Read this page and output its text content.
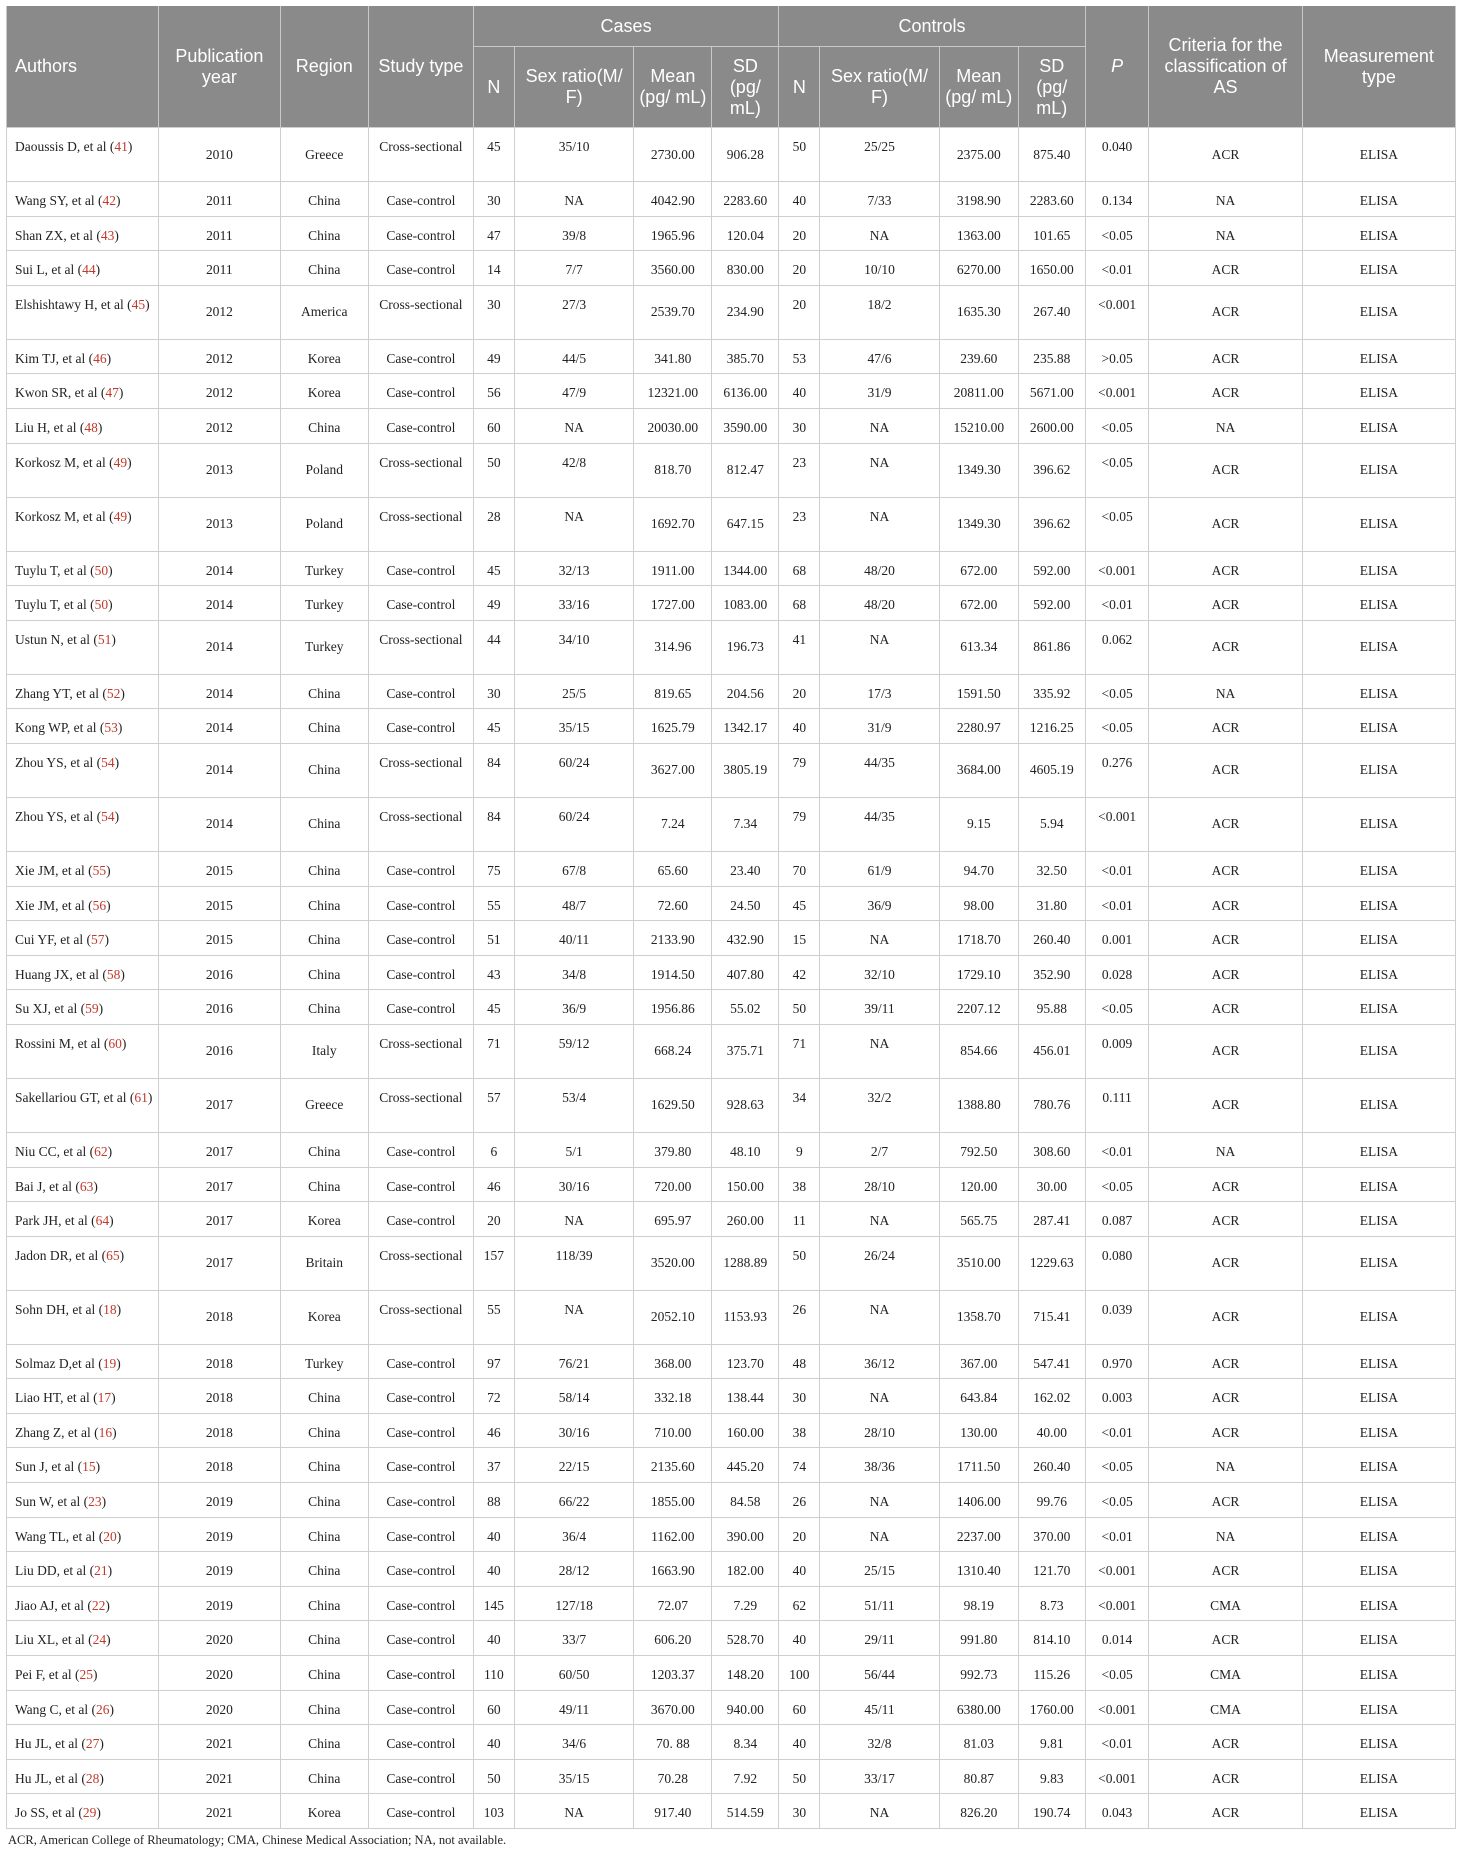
Authors	Publication year	Region	Study type	Cases				Controls				P	Criteria for the classification of AS	Measurement type
				N	Sex ratio(M/ F)	Mean (pg/ mL)	SD (pg/ mL)	N	Sex ratio(M/ F)	Mean (pg/ mL)	SD (pg/ mL)			
Daoussis D, et al (41)	2010	Greece	Cross-sectional	45	35/10	2730.00	906.28	50	25/25	2375.00	875.40	0.040	ACR	ELISA
Wang SY, et al (42)	2011	China	Case-control	30	NA	4042.90	2283.60	40	7/33	3198.90	2283.60	0.134	NA	ELISA
Shan ZX, et al (43)	2011	China	Case-control	47	39/8	1965.96	120.04	20	NA	1363.00	101.65	<0.05	NA	ELISA
Sui L, et al (44)	2011	China	Case-control	14	7/7	3560.00	830.00	20	10/10	6270.00	1650.00	<0.01	ACR	ELISA
Elshishtawy H, et al (45)	2012	America	Cross-sectional	30	27/3	2539.70	234.90	20	18/2	1635.30	267.40	<0.001	ACR	ELISA
Kim TJ, et al (46)	2012	Korea	Case-control	49	44/5	341.80	385.70	53	47/6	239.60	235.88	>0.05	ACR	ELISA
Kwon SR, et al (47)	2012	Korea	Case-control	56	47/9	12321.00	6136.00	40	31/9	20811.00	5671.00	<0.001	ACR	ELISA
Liu H, et al (48)	2012	China	Case-control	60	NA	20030.00	3590.00	30	NA	15210.00	2600.00	<0.05	NA	ELISA
Korkosz M, et al (49)	2013	Poland	Cross-sectional	50	42/8	818.70	812.47	23	NA	1349.30	396.62	<0.05	ACR	ELISA
Korkosz M, et al (49)	2013	Poland	Cross-sectional	28	NA	1692.70	647.15	23	NA	1349.30	396.62	<0.05	ACR	ELISA
Tuylu T, et al (50)	2014	Turkey	Case-control	45	32/13	1911.00	1344.00	68	48/20	672.00	592.00	<0.001	ACR	ELISA
Tuylu T, et al (50)	2014	Turkey	Case-control	49	33/16	1727.00	1083.00	68	48/20	672.00	592.00	<0.01	ACR	ELISA
Ustun N, et al (51)	2014	Turkey	Cross-sectional	44	34/10	314.96	196.73	41	NA	613.34	861.86	0.062	ACR	ELISA
Zhang YT, et al (52)	2014	China	Case-control	30	25/5	819.65	204.56	20	17/3	1591.50	335.92	<0.05	NA	ELISA
Kong WP, et al (53)	2014	China	Case-control	45	35/15	1625.79	1342.17	40	31/9	2280.97	1216.25	<0.05	ACR	ELISA
Zhou YS, et al (54)	2014	China	Cross-sectional	84	60/24	3627.00	3805.19	79	44/35	3684.00	4605.19	0.276	ACR	ELISA
Zhou YS, et al (54)	2014	China	Cross-sectional	84	60/24	7.24	7.34	79	44/35	9.15	5.94	<0.001	ACR	ELISA
Xie JM, et al (55)	2015	China	Case-control	75	67/8	65.60	23.40	70	61/9	94.70	32.50	<0.01	ACR	ELISA
Xie JM, et al (56)	2015	China	Case-control	55	48/7	72.60	24.50	45	36/9	98.00	31.80	<0.01	ACR	ELISA
Cui YF, et al (57)	2015	China	Case-control	51	40/11	2133.90	432.90	15	NA	1718.70	260.40	0.001	ACR	ELISA
Huang JX, et al (58)	2016	China	Case-control	43	34/8	1914.50	407.80	42	32/10	1729.10	352.90	0.028	ACR	ELISA
Su XJ, et al (59)	2016	China	Case-control	45	36/9	1956.86	55.02	50	39/11	2207.12	95.88	<0.05	ACR	ELISA
Rossini M, et al (60)	2016	Italy	Cross-sectional	71	59/12	668.24	375.71	71	NA	854.66	456.01	0.009	ACR	ELISA
Sakellariou GT, et al (61)	2017	Greece	Cross-sectional	57	53/4	1629.50	928.63	34	32/2	1388.80	780.76	0.111	ACR	ELISA
Niu CC, et al (62)	2017	China	Case-control	6	5/1	379.80	48.10	9	2/7	792.50	308.60	<0.01	NA	ELISA
Bai J, et al (63)	2017	China	Case-control	46	30/16	720.00	150.00	38	28/10	120.00	30.00	<0.05	ACR	ELISA
Park JH, et al (64)	2017	Korea	Case-control	20	NA	695.97	260.00	11	NA	565.75	287.41	0.087	ACR	ELISA
Jadon DR, et al (65)	2017	Britain	Cross-sectional	157	118/39	3520.00	1288.89	50	26/24	3510.00	1229.63	0.080	ACR	ELISA
Sohn DH, et al (18)	2018	Korea	Cross-sectional	55	NA	2052.10	1153.93	26	NA	1358.70	715.41	0.039	ACR	ELISA
Solmaz D,et al (19)	2018	Turkey	Case-control	97	76/21	368.00	123.70	48	36/12	367.00	547.41	0.970	ACR	ELISA
Liao HT, et al (17)	2018	China	Case-control	72	58/14	332.18	138.44	30	NA	643.84	162.02	0.003	ACR	ELISA
Zhang Z, et al (16)	2018	China	Case-control	46	30/16	710.00	160.00	38	28/10	130.00	40.00	<0.01	ACR	ELISA
Sun J, et al (15)	2018	China	Case-control	37	22/15	2135.60	445.20	74	38/36	1711.50	260.40	<0.05	NA	ELISA
Sun W, et al (23)	2019	China	Case-control	88	66/22	1855.00	84.58	26	NA	1406.00	99.76	<0.05	ACR	ELISA
Wang TL, et al (20)	2019	China	Case-control	40	36/4	1162.00	390.00	20	NA	2237.00	370.00	<0.01	NA	ELISA
Liu DD, et al (21)	2019	China	Case-control	40	28/12	1663.90	182.00	40	25/15	1310.40	121.70	<0.001	ACR	ELISA
Jiao AJ, et al (22)	2019	China	Case-control	145	127/18	72.07	7.29	62	51/11	98.19	8.73	<0.001	CMA	ELISA
Liu XL, et al (24)	2020	China	Case-control	40	33/7	606.20	528.70	40	29/11	991.80	814.10	0.014	ACR	ELISA
Pei F, et al (25)	2020	China	Case-control	110	60/50	1203.37	148.20	100	56/44	992.73	115.26	<0.05	CMA	ELISA
Wang C, et al (26)	2020	China	Case-control	60	49/11	3670.00	940.00	60	45/11	6380.00	1760.00	<0.001	CMA	ELISA
Hu JL, et al (27)	2021	China	Case-control	40	34/6	70. 88	8.34	40	32/8	81.03	9.81	<0.01	ACR	ELISA
Hu JL, et al (28)	2021	China	Case-control	50	35/15	70.28	7.92	50	33/17	80.87	9.83	<0.001	ACR	ELISA
Jo SS, et al (29)	2021	Korea	Case-control	103	NA	917.40	514.59	30	NA	826.20	190.74	0.043	ACR	ELISA
ACR, American College of Rheumatology; CMA, Chinese Medical Association; NA, not available.
